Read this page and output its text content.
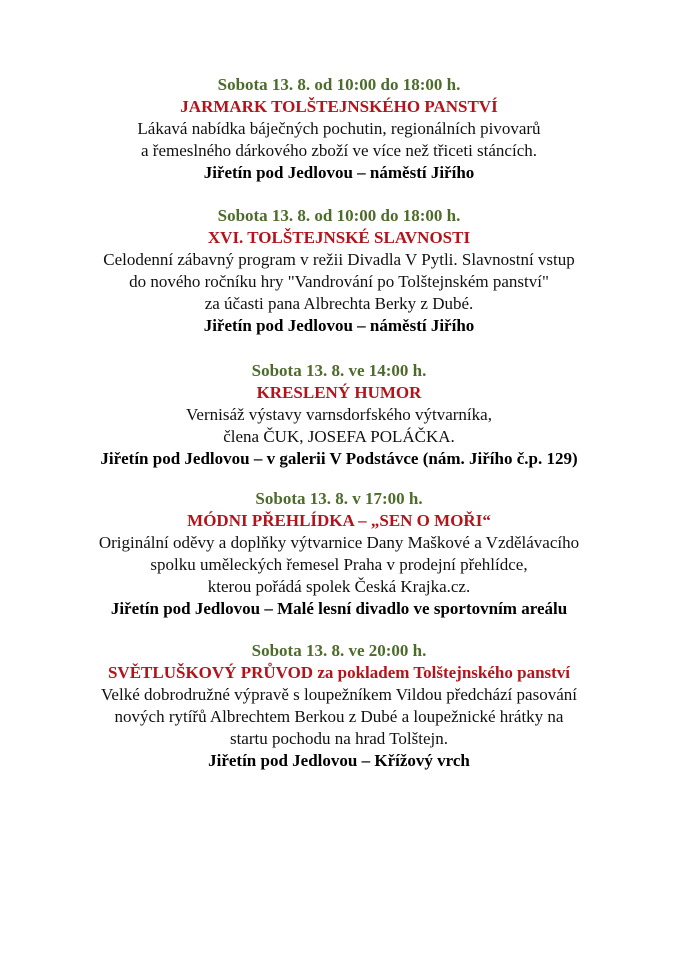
Sobota 13. 8. od 10:00 do 18:00 h.

JARMARK TOLŠTEJNSKÉHO PANSTVÍ

Lákavá nabídka báječných pochutin, regionálních pivovarů

a řemeslného dárkového zboží ve více než třiceti stáncích.

Jiřetín pod Jedlovou – náměstí Jiřího

Sobota 13. 8. od 10:00 do 18:00 h.

XVI. TOLŠTEJNSKÉ SLAVNOSTI

Celodenní zábavný program v režii Divadla V Pytli. Slavnostní vstup

do nového ročníku hry "Vandrování po Tolštejnském panství"

za účasti pana Albrechta Berky z Dubé.

Jiřetín pod Jedlovou – náměstí Jiřího

Sobota 13. 8. ve 14:00 h.

KRESLENÝ HUMOR

Vernisáž výstavy varnsdorfského výtvarníka,

člena ČUK, JOSEFA POLÁČKA.

Jiřetín pod Jedlovou – v galerii V Podstávce (nám. Jiřího č.p. 129)

Sobota 13. 8. v 17:00 h.

MÓDNI PŘEHLÍDKA – „SEN O MOŘI“

Originální oděvy a doplňky výtvarnice Dany Maškové a Vzdělávacího

spolku uměleckých řemesel Praha v prodejní přehlídce,

kterou pořádá spolek Česká Krajka.cz.

Jiřetín pod Jedlovou – Malé lesní divadlo ve sportovním areálu

Sobota 13. 8. ve 20:00 h.

SVĚTLUŠKOVÝ PRŮVOD za pokladem Tolštejnského panství

Velké dobrodružné výpravě s loupežníkem Vildou předchází pasování

nových rytířů Albrechtem Berkou z Dubé a loupežnické hrátky na

startu pochodu na hrad Tolštejn.

Jiřetín pod Jedlovou – Křížový vrch
